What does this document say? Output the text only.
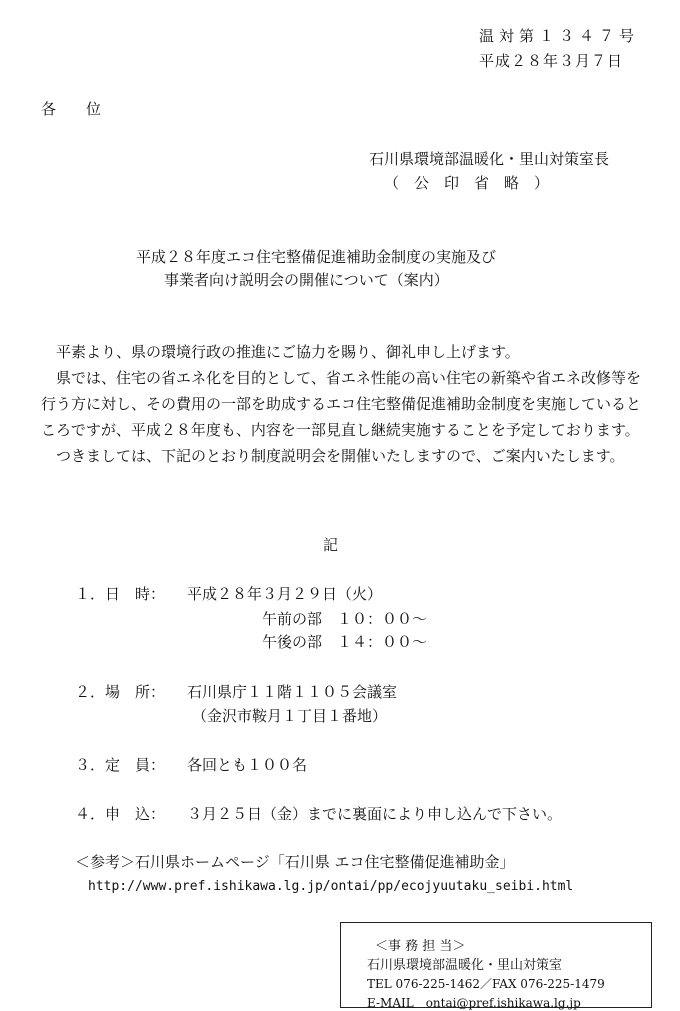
温対第１３４７号

平成２８年３月７日

各　　位

石川県環境部温暖化・里山対策室長

（　公　印　省　略　）

平成２８年度エコ住宅整備促進補助金制度の実施及び

事業者向け説明会の開催について（案内）

平素より、県の環境行政の推進にご協力を賜り、御礼申し上げます。

県では、住宅の省エネ化を目的として、省エネ性能の高い住宅の新築や省エネ改修等を行う方に対し、その費用の一部を助成するエコ住宅整備促進補助金制度を実施しているところですが、平成２８年度も、内容を一部見直し継続実施することを予定しております。

つきましては、下記のとおり制度説明会を開催いたしますので、ご案内いたします。

記

１．日　時： 平成２８年３月２９日（火）

午前の部　１０：００～

午後の部　１４：００～

２．場　所： 石川県庁１１階１１０５会議室

（金沢市鞍月１丁目１番地）

３．定　員： 各回とも１００名

４．申　込： ３月２５日（金）までに裏面により申し込んで下さい。

＜参考＞石川県ホームページ「石川県 エコ住宅整備促進補助金」

http://www.pref.ishikawa.lg.jp/ontai/pp/ecojyuutaku_seibi.html

＜事 務 担 当＞

石川県環境部温暖化・里山対策室

TEL 076-225-1462／FAX 076-225-1479

E-MAIL　ontai@pref.ishikawa.lg.jp
